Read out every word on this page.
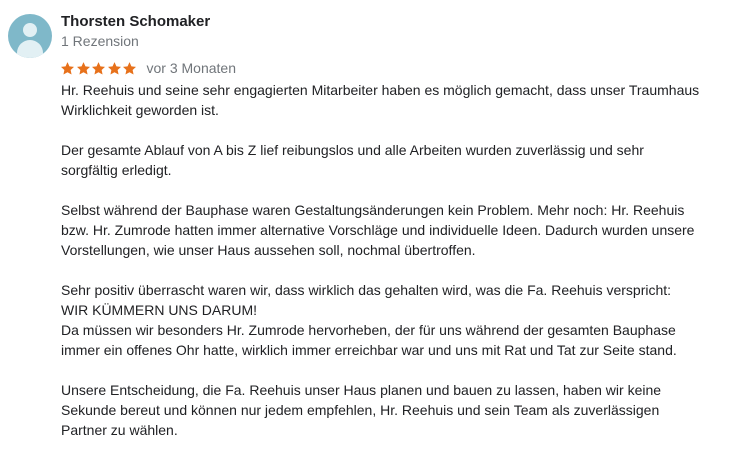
Thorsten Schomaker
1 Rezension
vor 3 Monaten

Hr. Reehuis und seine sehr engagierten Mitarbeiter haben es möglich gemacht, dass unser Traumhaus
Wirklichkeit geworden ist.

Der gesamte Ablauf von A bis Z lief reibungslos und alle Arbeiten wurden zuverlässig und sehr
sorgfältig erledigt.

Selbst während der Bauphase waren Gestaltungsänderungen kein Problem. Mehr noch: Hr. Reehuis
bzw. Hr. Zumrode hatten immer alternative Vorschläge und individuelle Ideen. Dadurch wurden unsere
Vorstellungen, wie unser Haus aussehen soll, nochmal übertroffen.

Sehr positiv überrascht waren wir, dass wirklich das gehalten wird, was die Fa. Reehuis verspricht:
WIR KÜMMERN UNS DARUM!
Da müssen wir besonders Hr. Zumrode hervorheben, der für uns während der gesamten Bauphase
immer ein offenes Ohr hatte, wirklich immer erreichbar war und uns mit Rat und Tat zur Seite stand.

Unsere Entscheidung, die Fa. Reehuis unser Haus planen und bauen zu lassen, haben wir keine
Sekunde bereut und können nur jedem empfehlen, Hr. Reehuis und sein Team als zuverlässigen
Partner zu wählen.
